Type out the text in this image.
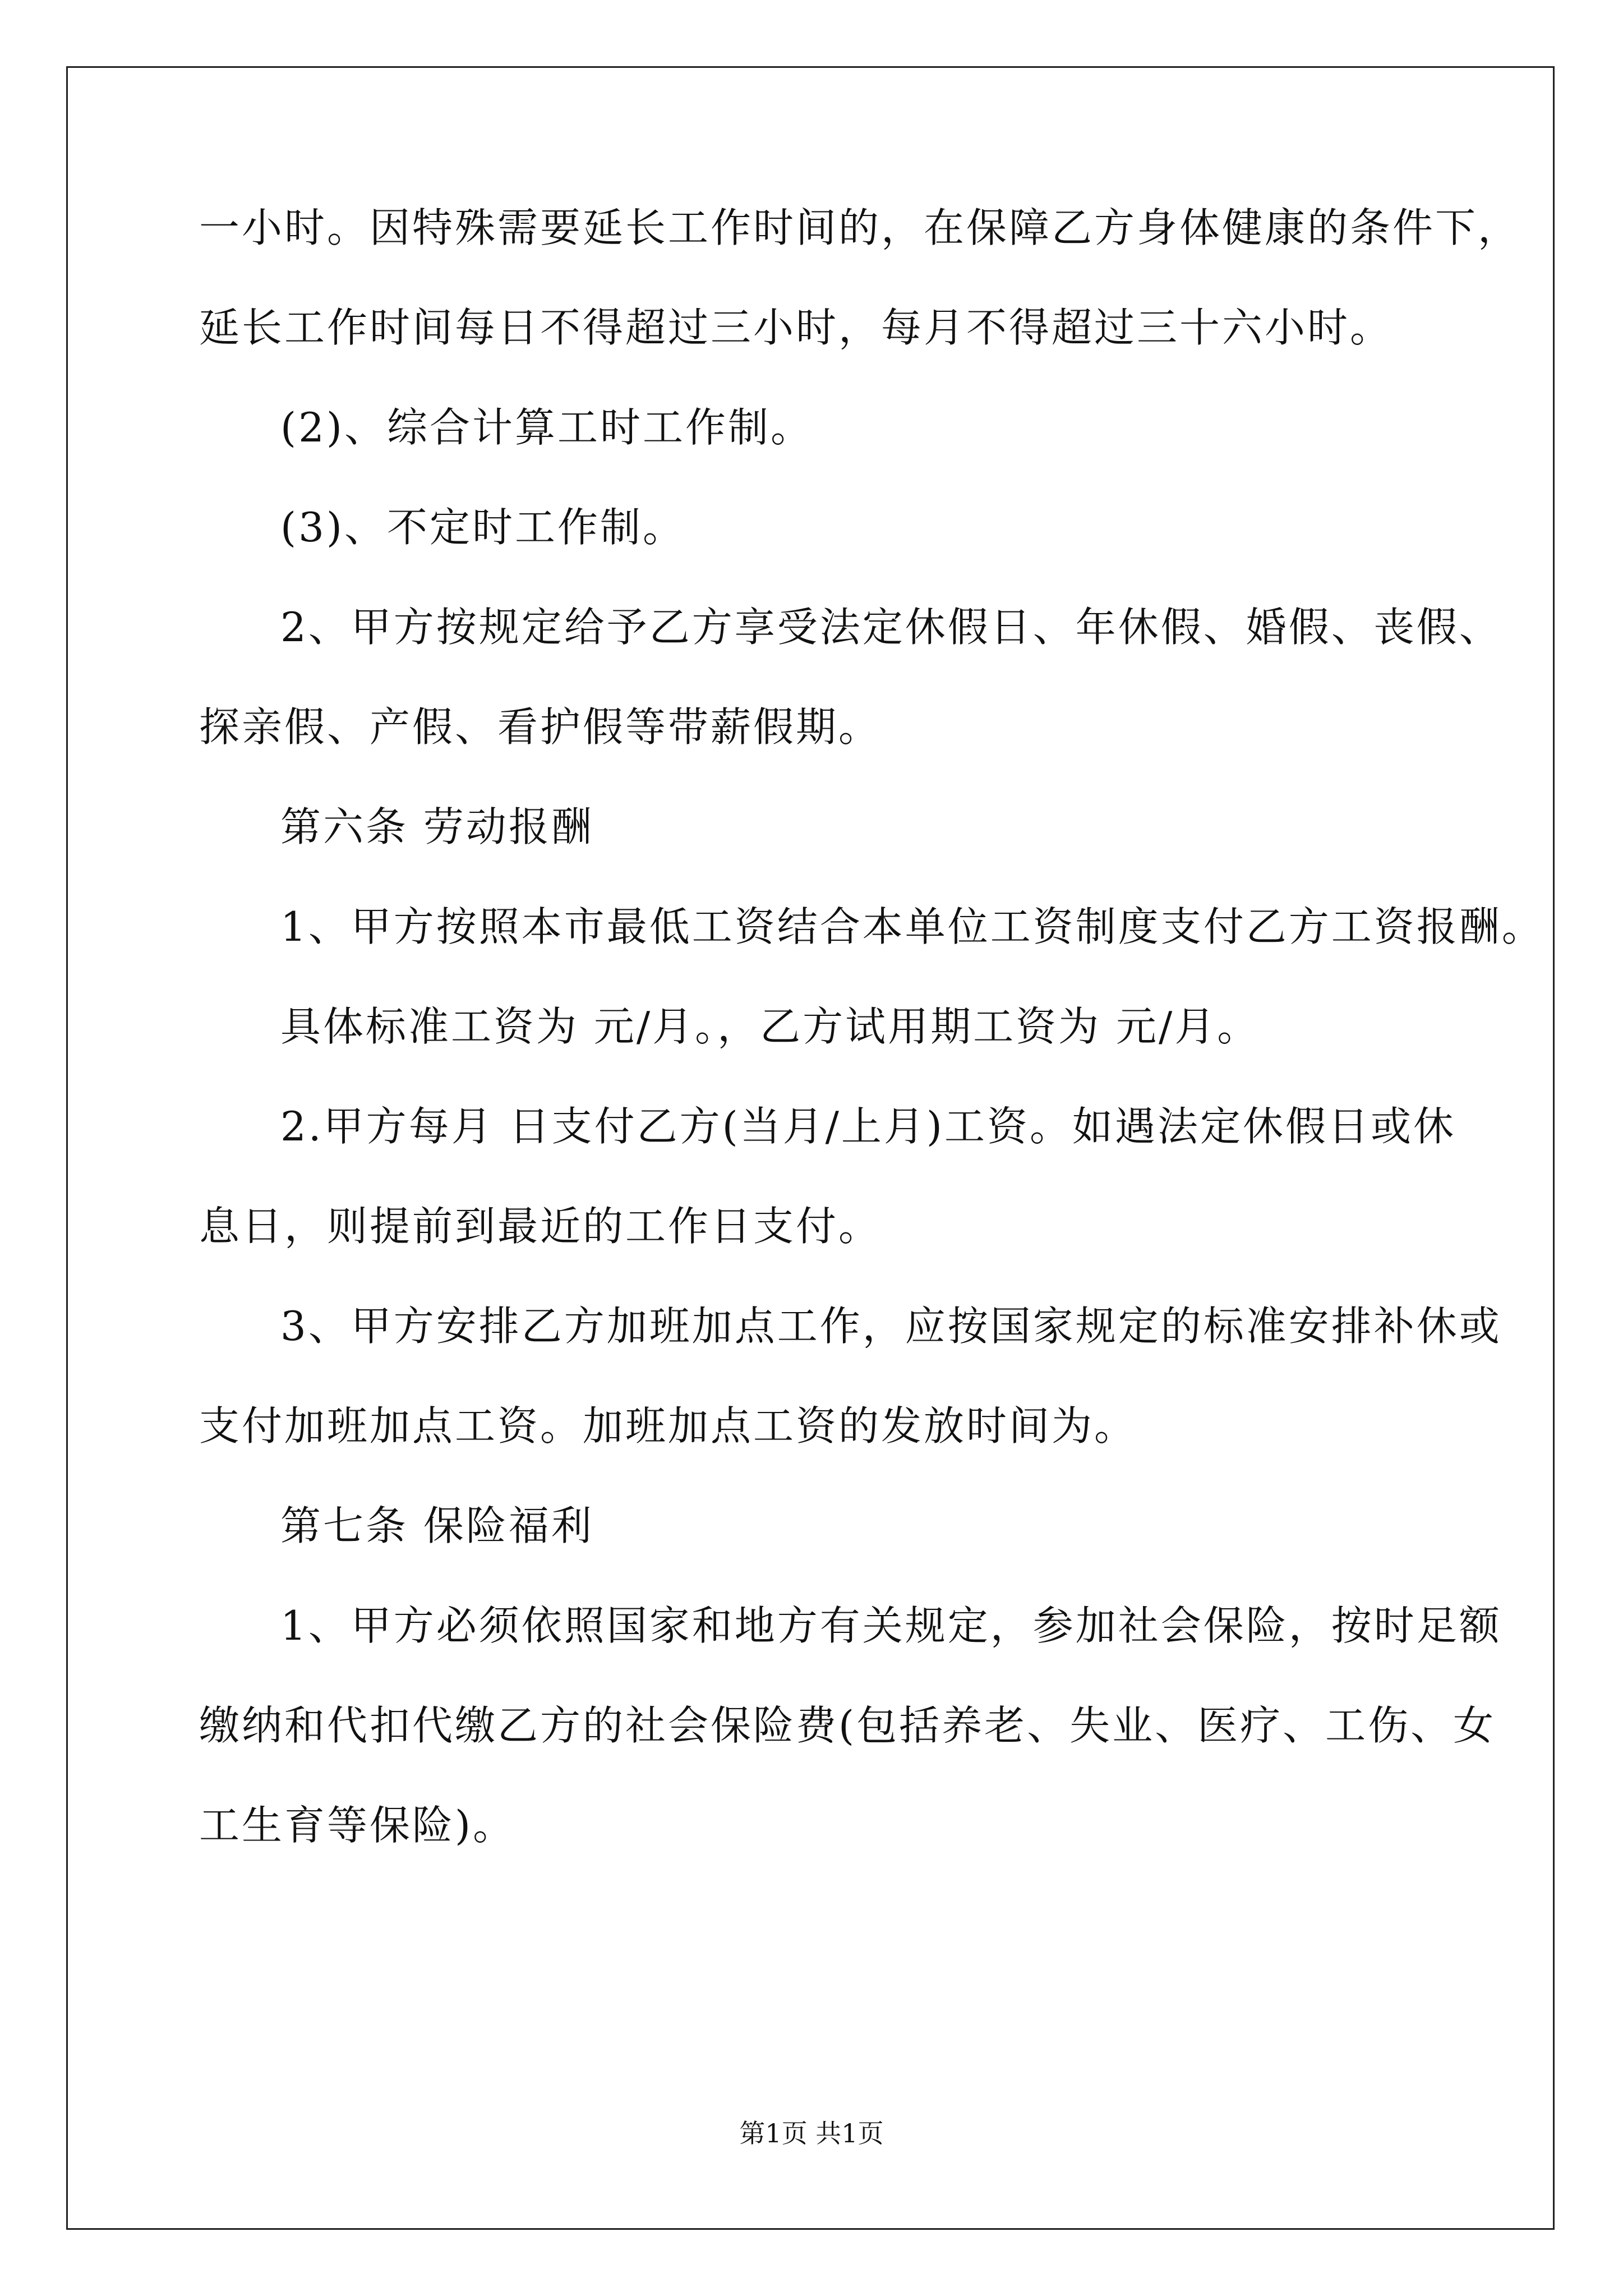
一小时。因特殊需要延长工作时间的，在保障乙方身体健康的条件下，
延长工作时间每日不得超过三小时，每月不得超过三十六小时。
(2)、综合计算工时工作制。
(3)、不定时工作制。
2、甲方按规定给予乙方享受法定休假日、年休假、婚假、丧假、
探亲假、产假、看护假等带薪假期。
第六条 劳动报酬
1、甲方按照本市最低工资结合本单位工资制度支付乙方工资报酬。
具体标准工资为 元/月。，乙方试用期工资为 元/月。
2.甲方每月 日支付乙方(当月/上月)工资。如遇法定休假日或休
息日，则提前到最近的工作日支付。
3、甲方安排乙方加班加点工作，应按国家规定的标准安排补休或
支付加班加点工资。加班加点工资的发放时间为。
第七条 保险福利
1、甲方必须依照国家和地方有关规定，参加社会保险，按时足额
缴纳和代扣代缴乙方的社会保险费(包括养老、失业、医疗、工伤、女
工生育等保险)。
第1页 共1页
